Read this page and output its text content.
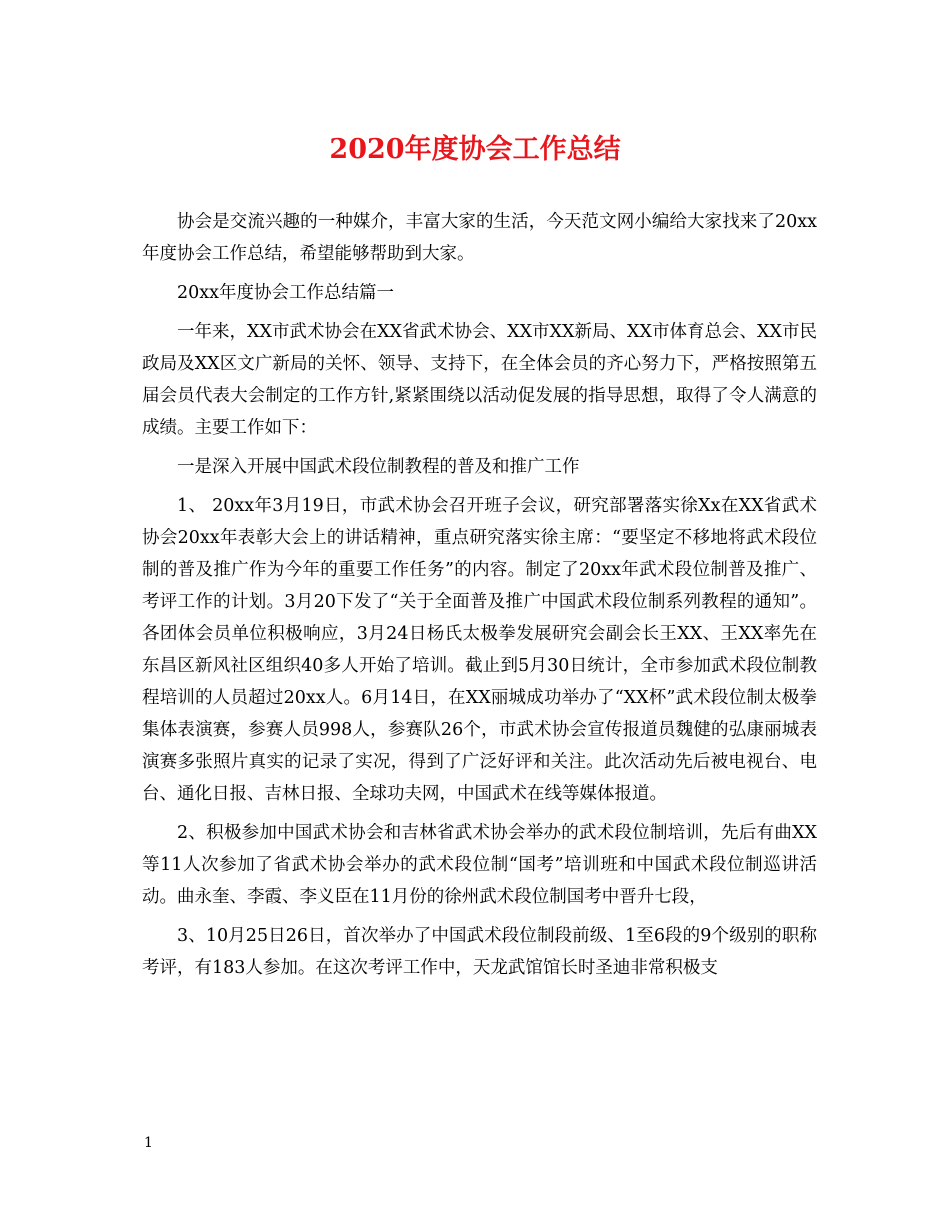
2020年度协会工作总结

协会是交流兴趣的一种媒介，丰富大家的生活，今天范文网小编给大家找来了20xx年度协会工作总结，希望能够帮助到大家。

20xx年度协会工作总结篇一

一年来，XX市武术协会在XX省武术协会、XX市XX新局、XX市体育总会、XX市民政局及XX区文广新局的关怀、领导、支持下，在全体会员的齐心努力下，严格按照第五届会员代表大会制定的工作方针,紧紧围绕以活动促发展的指导思想，取得了令人满意的成绩。主要工作如下：

一是深入开展中国武术段位制教程的普及和推广工作

1、 20xx年3月19日，市武术协会召开班子会议，研究部署落实徐Xx在XX省武术协会20xx年表彰大会上的讲话精神，重点研究落实徐主席：“要坚定不移地将武术段位制的普及推广作为今年的重要工作任务”的内容。制定了20xx年武术段位制普及推广、考评工作的计划。3月20下发了“关于全面普及推广中国武术段位制系列教程的通知”。各团体会员单位积极响应，3月24日杨氏太极拳发展研究会副会长王XX、王XX率先在东昌区新风社区组织40多人开始了培训。截止到5月30日统计，全市参加武术段位制教程培训的人员超过20xx人。6月14日，在XX丽城成功举办了“XX杯”武术段位制太极拳集体表演赛，参赛人员998人，参赛队26个，市武术协会宣传报道员魏健的弘康丽城表演赛多张照片真实的记录了实况，得到了广泛好评和关注。此次活动先后被电视台、电台、通化日报、吉林日报、全球功夫网，中国武术在线等媒体报道。

2、积极参加中国武术协会和吉林省武术协会举办的武术段位制培训，先后有曲XX等11人次参加了省武术协会举办的武术段位制“国考”培训班和中国武术段位制巡讲活动。曲永奎、李霞、李义臣在11月份的徐州武术段位制国考中晋升七段，

3、10月25日26日，首次举办了中国武术段位制段前级、1至6段的9个级别的职称考评，有183人参加。在这次考评工作中，天龙武馆馆长时圣迪非常积极支

1
